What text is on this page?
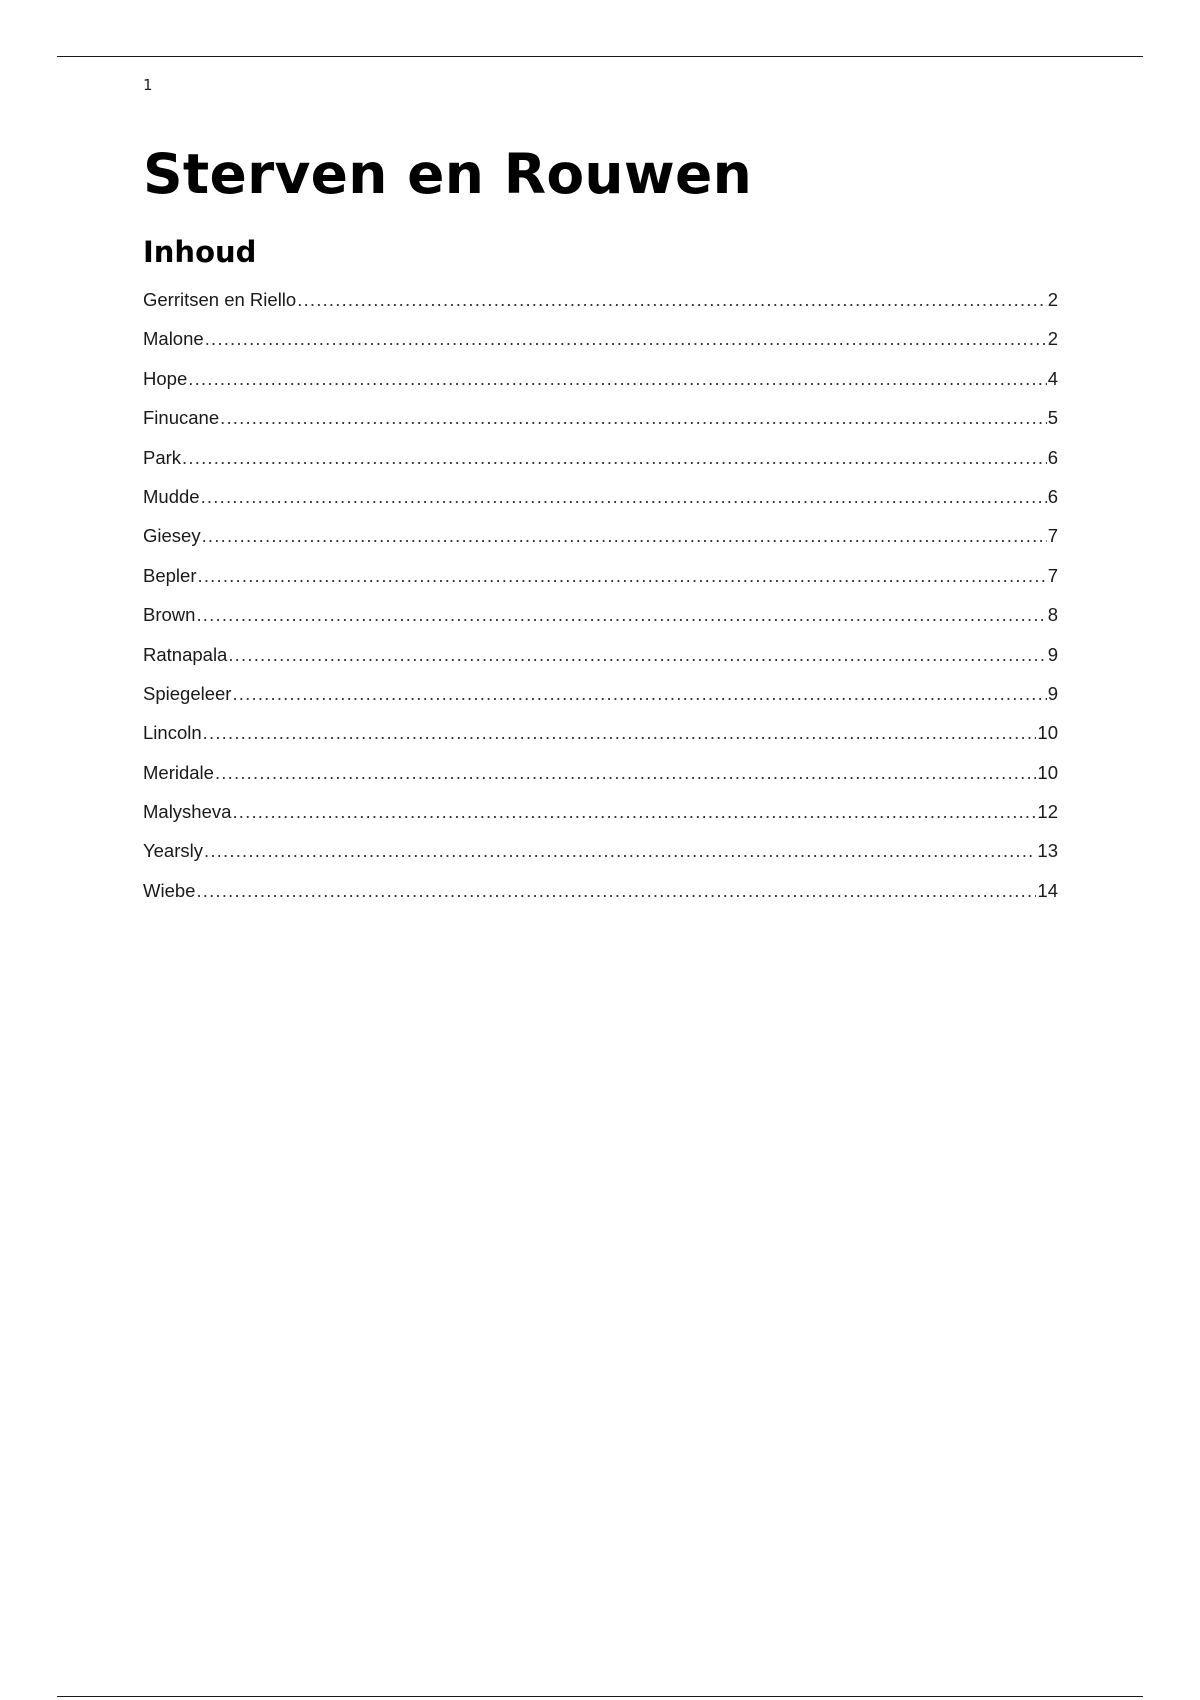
1
Sterven en Rouwen
Inhoud
Gerritsen en Riello .....	2
Malone .....	2
Hope .....	4
Finucane .....	5
Park .....	6
Mudde .....	6
Giesey .....	7
Bepler .....	7
Brown .....	8
Ratnapala .....	9
Spiegeleer .....	9
Lincoln .....	10
Meridale .....	10
Malysheva .....	12
Yearsly .....	13
Wiebe .....	14
